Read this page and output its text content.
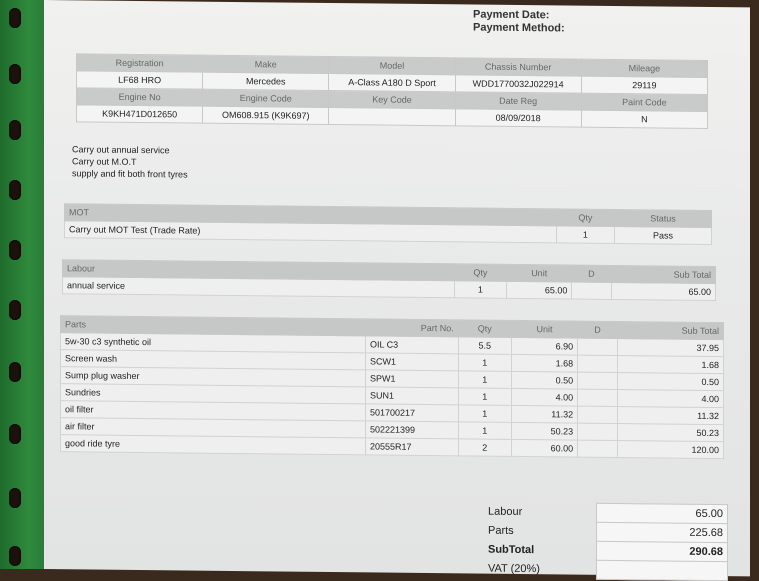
Payment Date:
Payment Method:
Registration	Make	Model	Chassis Number	Mileage
LF68 HRO	Mercedes	A-Class A180 D Sport	WDD1770032J022914	29119
Engine No	Engine Code	Key Code	Date Reg	Paint Code
K9KH471D012650	OM608.915 (K9K697)		08/09/2018	N
Carry out annual service
Carry out M.O.T
supply and fit both front tyres
MOT	Qty	Status
Carry out MOT Test (Trade Rate)	1	Pass
Labour	Qty	Unit	D	Sub Total
annual service	1	65.00		65.00
Parts	Part No.	Qty	Unit	D	Sub Total
5w-30 c3 synthetic oil	OIL C3	5.5	6.90		37.95
Screen wash	SCW1	1	1.68		1.68
Sump plug washer	SPW1	1	0.50		0.50
Sundries	SUN1	1	4.00		4.00
oil filter	501700217	1	11.32		11.32
air filter	502221399	1	50.23		50.23
good ride tyre	20555R17	2	60.00		120.00
Labour	65.00
Parts	225.68
SubTotal	290.68
VAT (20%)	
